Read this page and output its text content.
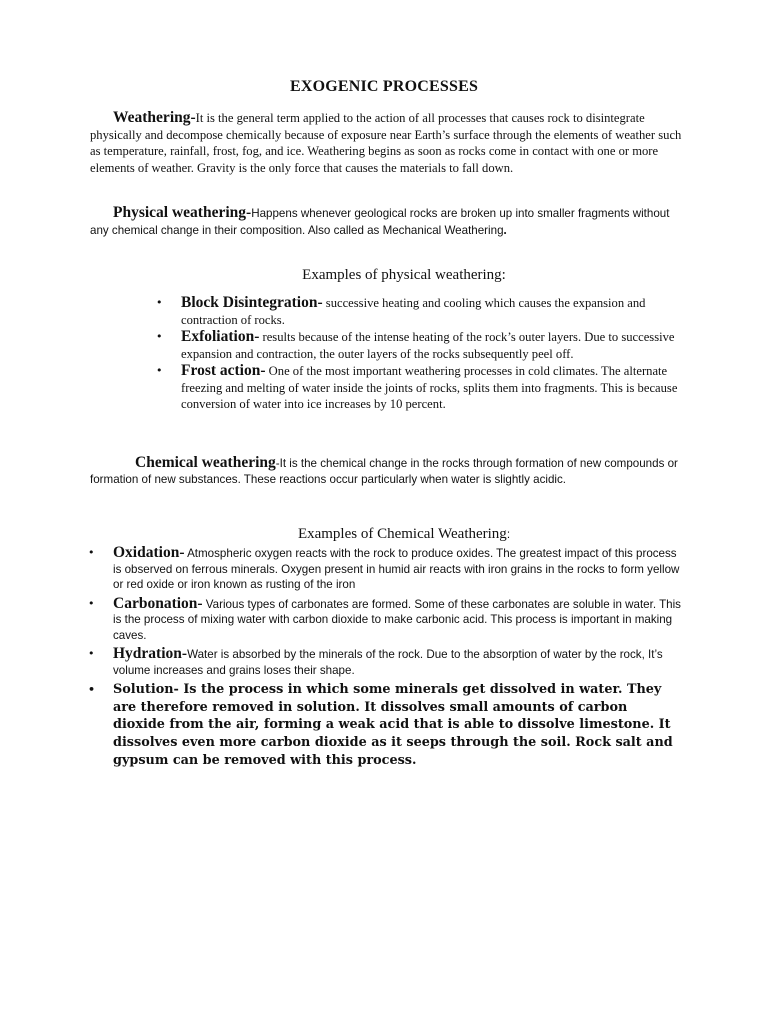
EXOGENIC PROCESSES

Weathering-It is the general term applied to the action of all processes that causes rock to disintegrate physically and decompose chemically because of exposure near Earth’s surface through the elements of weather such as temperature, rainfall, frost, fog, and ice. Weathering begins as soon as rocks come in contact with one or more elements of weather. Gravity is the only force that causes the materials to fall down.

Physical weathering-Happens whenever geological rocks are broken up into smaller fragments without any chemical change in their composition. Also called as Mechanical Weathering.

Examples of physical weathering:

• Block Disintegration- successive heating and cooling which causes the expansion and contraction of rocks.
• Exfoliation- results because of the intense heating of the rock’s outer layers. Due to successive expansion and contraction, the outer layers of the rocks subsequently peel off.
• Frost action- One of the most important weathering processes in cold climates. The alternate freezing and melting of water inside the joints of rocks, splits them into fragments. This is because conversion of water into ice increases by 10 percent.

Chemical weathering-It is the chemical change in the rocks through formation of new compounds or formation of new substances. These reactions occur particularly when water is slightly acidic.

Examples of Chemical Weathering:

• Oxidation- Atmospheric oxygen reacts with the rock to produce oxides. The greatest impact of this process is observed on ferrous minerals. Oxygen present in humid air reacts with iron grains in the rocks to form yellow or red oxide or iron known as rusting of the iron
• Carbonation- Various types of carbonates are formed. Some of these carbonates are soluble in water. This is the process of mixing water with carbon dioxide to make carbonic acid. This process is important in making caves.
• Hydration-Water is absorbed by the minerals of the rock. Due to the absorption of water by the rock, It’s volume increases and grains loses their shape.
• Solution- Is the process in which some minerals get dissolved in water. They are therefore removed in solution. It dissolves small amounts of carbon dioxide from the air, forming a weak acid that is able to dissolve limestone. It dissolves even more carbon dioxide as it seeps through the soil. Rock salt and gypsum can be removed with this process.
